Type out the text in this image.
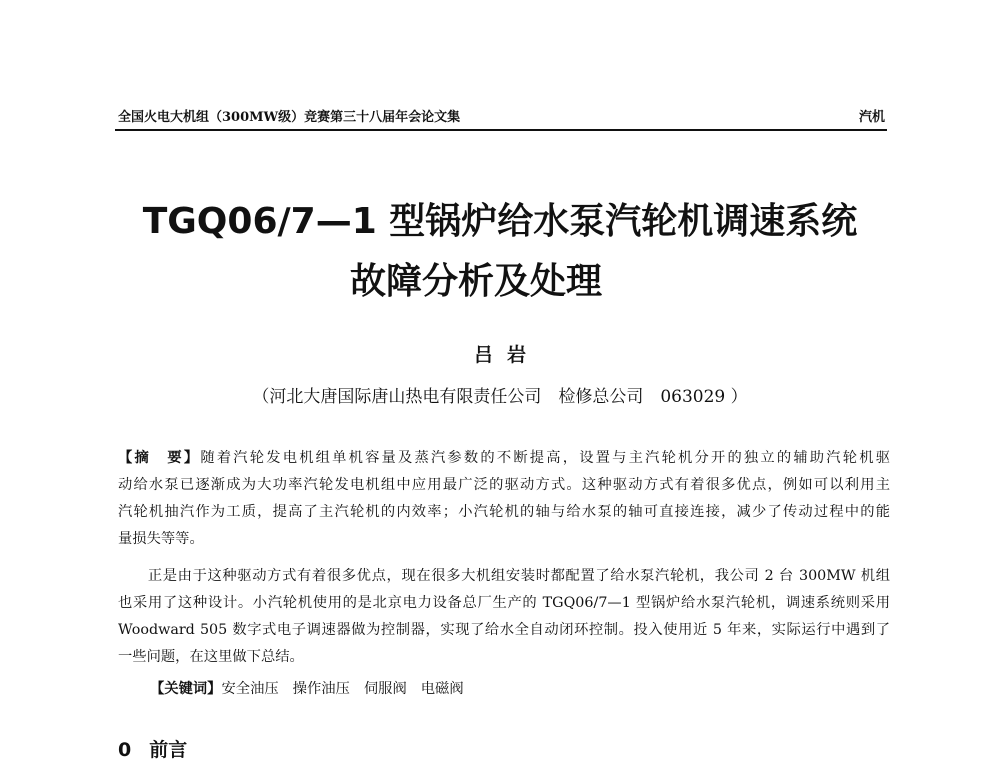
全国火电大机组（300MW级）竞赛第三十八届年会论文集	汽机
TGQ06/7—1 型锅炉给水泵汽轮机调速系统
故障分析及处理
吕岩
（河北大唐国际唐山热电有限责任公司　检修总公司　063029 ）
【摘　要】随着汽轮发电机组单机容量及蒸汽参数的不断提高，设置与主汽轮机分开的独立的辅助汽轮机驱
动给水泵已逐渐成为大功率汽轮发电机组中应用最广泛的驱动方式。这种驱动方式有着很多优点，例如可以利用主
汽轮机抽汽作为工质，提高了主汽轮机的内效率；小汽轮机的轴与给水泵的轴可直接连接，减少了传动过程中的能
量损失等等。
　　正是由于这种驱动方式有着很多优点，现在很多大机组安装时都配置了给水泵汽轮机，我公司 2 台 300MW 机组
也采用了这种设计。小汽轮机使用的是北京电力设备总厂生产的 TGQ06/7—1 型锅炉给水泵汽轮机，调速系统则采用
Woodward 505 数字式电子调速器做为控制器，实现了给水全自动闭环控制。投入使用近 5 年来，实际运行中遇到了
一些问题，在这里做下总结。
【关键词】安全油压 操作油压 伺服阀 电磁阀
0 前言
